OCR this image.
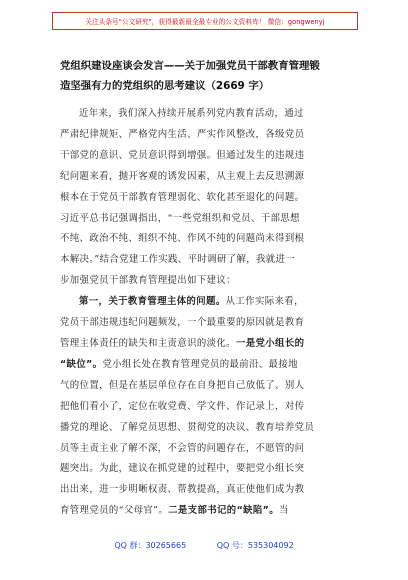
关注头条号"公文研究"，获得最新最全最专业的公文资料库！ 微信：gongwenyj
党组织建设座谈会发言——关于加强党员干部教育管理锻
造坚强有力的党组织的思考建议（2669 字）
近年来，我们深入持续开展系列党内教育活动，通过
严肃纪律规矩、严格党内生活、严实作风整改，各级党员
干部党的意识、党员意识得到增强。但通过发生的违规违
纪问题来看，抛开客观的诱发因素，从主观上去反思溯源
根本在于党员干部教育管理弱化、软化甚至退化的问题。
习近平总书记强调指出，“一些党组织和党员、干部思想
不纯、政治不纯、组织不纯、作风不纯的问题尚未得到根
本解决。”结合党建工作实践、平时调研了解，我就进一
步加强党员干部教育管理提出如下建议：
第一，关于教育管理主体的问题。从工作实际来看，
党员干部违规违纪问题频发，一个最重要的原因就是教育
管理主体责任的缺失和主责意识的淡化。一是党小组长的
“缺位”。党小组长处在教育管理党员的最前沿、最接地
气的位置，但是在基层单位存在自身把自己放低了、别人
把他们看小了，定位在收党费、学文件、作记录上，对传
播党的理论、了解党员思想、贯彻党的决议、教育培养党员
员等主责主业了解不深，不会管的问题存在，不愿管的问
题突出。为此，建议在抓党建的过程中，要把党小组长突
出出来，进一步明晰权责、帮教提高，真正使他们成为教
育管理党员的“父母官”。二是支部书记的“缺陷”。当
QQ 群：30265665	QQ 号：535304092
